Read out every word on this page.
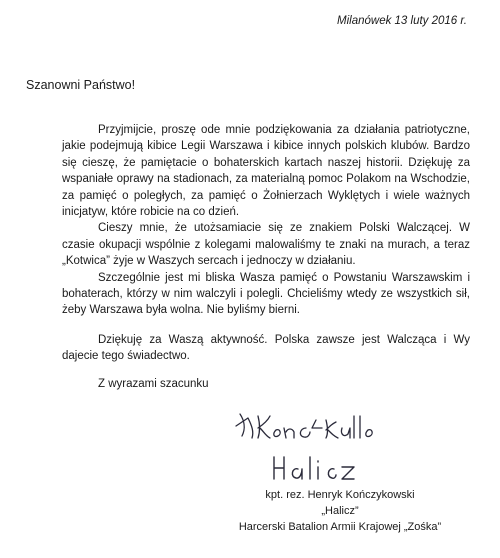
Milanówek 13 luty 2016 r.
Szanowni Państwo!

Przyjmijcie, proszę ode mnie podziękowania za działania patriotyczne, jakie podejmują kibice Legii Warszawa i kibice innych polskich klubów. Bardzo się cieszę, że pamiętacie o bohaterskich kartach naszej historii. Dziękuję za wspaniałe oprawy na stadionach, za materialną pomoc Polakom na Wschodzie, za pamięć o poległych, za pamięć o Żołnierzach Wyklętych i wiele ważnych inicjatyw, które robicie na co dzień.

Cieszy mnie, że utożsamiacie się ze znakiem Polski Walczącej. W czasie okupacji wspólnie z kolegami malowaliśmy te znaki na murach, a teraz „Kotwica” żyje w Waszych sercach i jednoczy w działaniu.

Szczególnie jest mi bliska Wasza pamięć o Powstaniu Warszawskim i bohaterach, którzy w nim walczyli i polegli. Chcieliśmy wtedy ze wszystkich sił, żeby Warszawa była wolna. Nie byliśmy bierni.

Dziękuję za Waszą aktywność. Polska zawsze jest Walcząca i Wy dajecie tego świadectwo.

Z wyrazami szacunku
kpt. rez. Henryk Kończykowski
„Halicz”
Harcerski Batalion Armii Krajowej „Zośka”
